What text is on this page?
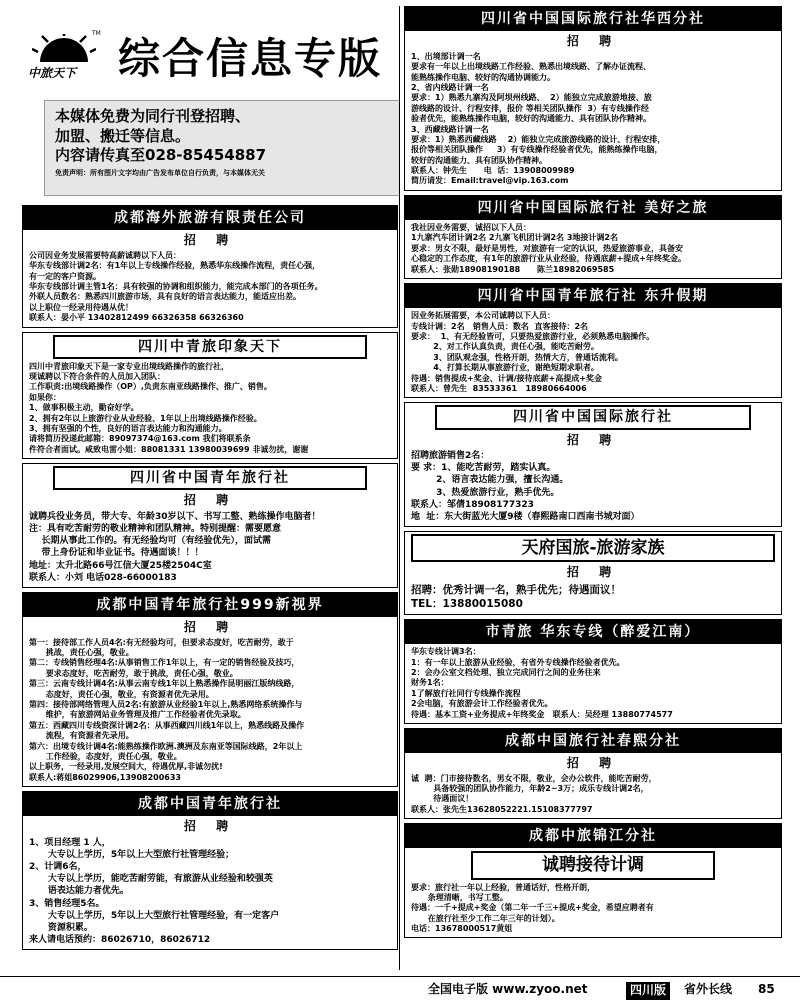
TM
中旅天下 综合信息专版
本媒体免费为同行刊登招聘、
加盟、搬迁等信息。
内容请传真至028-85454887
免责声明：所有图片文字均由广告发布单位自行负责，与本媒体无关
成都海外旅游有限责任公司
招 聘
公司因业务发展需要特高薪诚聘以下人员：
华东专线部计调2名：有1年以上专线操作经验，熟悉华东线操作流程，责任心强，
有一定的客户资源。
华东专线部计调主管1名：具有较强的协调和组织能力，能完成本部门的各项任务。
外联人员数名：熟悉四川旅游市场，具有良好的语言表达能力，能适应出差。
以上职位一经录用待遇从优！
联系人：晏小平 13402812499 66326358 66326360
四川中青旅印象天下
四川中青旅印象天下是一家专业出境线路操作的旅行社，
现诚聘以下符合条件的人员加入团队：
工作职责:出境线路操作（OP）,负责东南亚线路操作、推广、销售。
如果你：
1、做事积极主动，勤奋好学。
2、拥有2年以上旅游行业从业经验、1年以上出境线路操作经验。
3、拥有坚强的个性，良好的语言表达能力和沟通能力。
请将简历投递此邮箱：89097374@163.com 我们将联系条
件符合者面试。咸致电雷小姐：88081331 13980039699 非诚勿扰，谢谢
四川省中国青年旅行社
招 聘
诚聘兵役业务员，带大专、年龄30岁以下、书写工整、熟练操作电脑者！
注：具有吃苦耐劳的敬业精神和团队精神。特别提醒：需要愿意
长期从事此工作的。有无经验均可（有经验优先），面试需
带上身份证和毕业证书。待遇面谈！！！
地址：太升北路66号江信大厦25楼2504C室
联系人：小刘 电话028-66000183
成都中国青年旅行社999新视界
招 聘
第一：接待部工作人员4名:有无经验均可，但要求态度好，吃苦耐劳，敢于
挑战，责任心强，敬业。
第二：专线销售经理4名:从事销售工作1年以上，有一定的销售经验及技巧，
要求态度好，吃苦耐劳，敢于挑战，责任心强，敬业。
第三：云南专线计调4名:从事云南专线1年以上熟悉操作昆明丽江版纳线路，
态度好，责任心强，敬业，有资源者优先录用。
第四：接待部网络管理人员2名:有旅游从业经验1年以上,熟悉网络系统操作与
维护，有旅游网站业务管理及推广工作经验者优先录取。
第五：西藏四川专线资深计调2名：从事西藏四川线1年以上，熟悉线路及操作
流程，有资源者先录用。
第六：出境专线计调4名:能熟练操作欧洲.澳洲及东南亚等国际线路，2年以上
工作经验，态度好，责任心强，敬业。
以上职务，一经录用,发展空间大，待遇优厚,非诚勿扰!
联系人:蒋姐86029906,13908200633
成都中国青年旅行社
招 聘
1、项目经理 1 人，
大专以上学历，5年以上大型旅行社管理经验；
2、计调6名，
大专以上学历，能吃苦耐劳能，有旅游从业经验和较强英
语表达能力者优先。
3、销售经理5名。
大专以上学历，5年以上大型旅行社管理经验，有一定客户
资源积累。
来人请电话预约：86026710，86026712
四川省中国国际旅行社华西分社
招 聘
1、出境部计调一名
要求有一年以上出境线路工作经验、熟悉出境线路、了解办证流程、
能熟练操作电脑、较好的沟通协调能力。
2、省内线路计调一名
要求：1）熟悉九寨沟及阿坝州线路、  2）能独立完成旅游地接、旅
游线路的设计、行程安排，报价 等相关团队操作  3）有专线操作经
验者优先，能熟练操作电脑，较好的沟通能力、具有团队协作精神。
3、西藏线路计调一名
要求：1）熟悉西藏线路    2）能独立完成旅游线路的设计、行程安排，
报价等相关团队操作     3）有专线操作经验者优先，能熟练操作电脑，
较好的沟通能力、具有团队协作精神。
联系人：钟先生      电  话：13908009989
简历请发：Email:travel@vip.163.com
四川省中国国际旅行社 美好之旅
我社因业务需要，诚招以下人员：
1九寨汽车团计调2名 2九寨飞机团计调2名 3地接计调2名
要求：男女不限，最好是男性，对旅游有一定的认识，热爱旅游事业，具备安
心稳定的工作态度，有1年的旅游行业从业经验，待遇底薪+提成+年终奖金。
联系人：张勋18908190188      陈兰18982069585
四川省中国青年旅行社 东升假期
因业务拓展需要，本公司诚聘以下人员：
专线计调：2名   销售人员：数名  直客接待：2名
要求：  1、有无经验皆可，只要热爱旅游行业，必须熟悉电脑操作。
2、对工作认真负责，责任心强，能吃苦耐劳。
3、团队观念强，性格开朗，热情大方，普通话流利。
4、打算长期从事旅游行业，谢绝短期求职者。
待遇：销售提成+奖金、计调/接待底薪+高提成+奖金
联系人：曾先生  83533361   18980664006
四川省中国国际旅行社
招 聘
招聘旅游销售2名：
要 求：1、能吃苦耐劳，踏实认真。
2、语言表达能力强，擅长沟通。
3、热爱旅游行业，熟手优先。
联系人：邹倩18908177323
地  址：东大街蓝光大厦9楼（春熙路南口西南书城对面）
天府国旅-旅游家族
招 聘
招聘：优秀计调一名，熟手优先；待遇面议！
TEL：13880015080
市青旅 华东专线（醉爱江南）
华东专线计调3名：
1：有一年以上旅游从业经验，有省外专线操作经验者优先。
2：会办公室文档处理、独立完成同行之间的业务往来
财务1名：
1了解旅行社同行专线操作流程
2会电脑，有旅游会计工作经验者优先。
待遇：基本工资+业务提成+年终奖金   联系人：吴经理 13880774577
成都中国旅行社春熙分社
招 聘
诚  聘：门市接待数名，男女不限，敬业，会办公软件，能吃苦耐劳，
具备较强的团队协作能力，年龄2~3万；成乐专线计调2名，
待遇面议！
联系人：张先生13628052221.15108377797
成都中旅锦江分社
诚聘接待计调
要求：旅行社一年以上经验，普通话好，性格开朗，
条理清晰，书写工整。
待遇：一千+提成+奖金（第二年一千三+提成+奖金，希望应聘者有
在旅行社至少工作二年三年的计划）。
电话：13678000517黄姐
全国电子版 www.zyoo.net	四川版	省外长线 85
